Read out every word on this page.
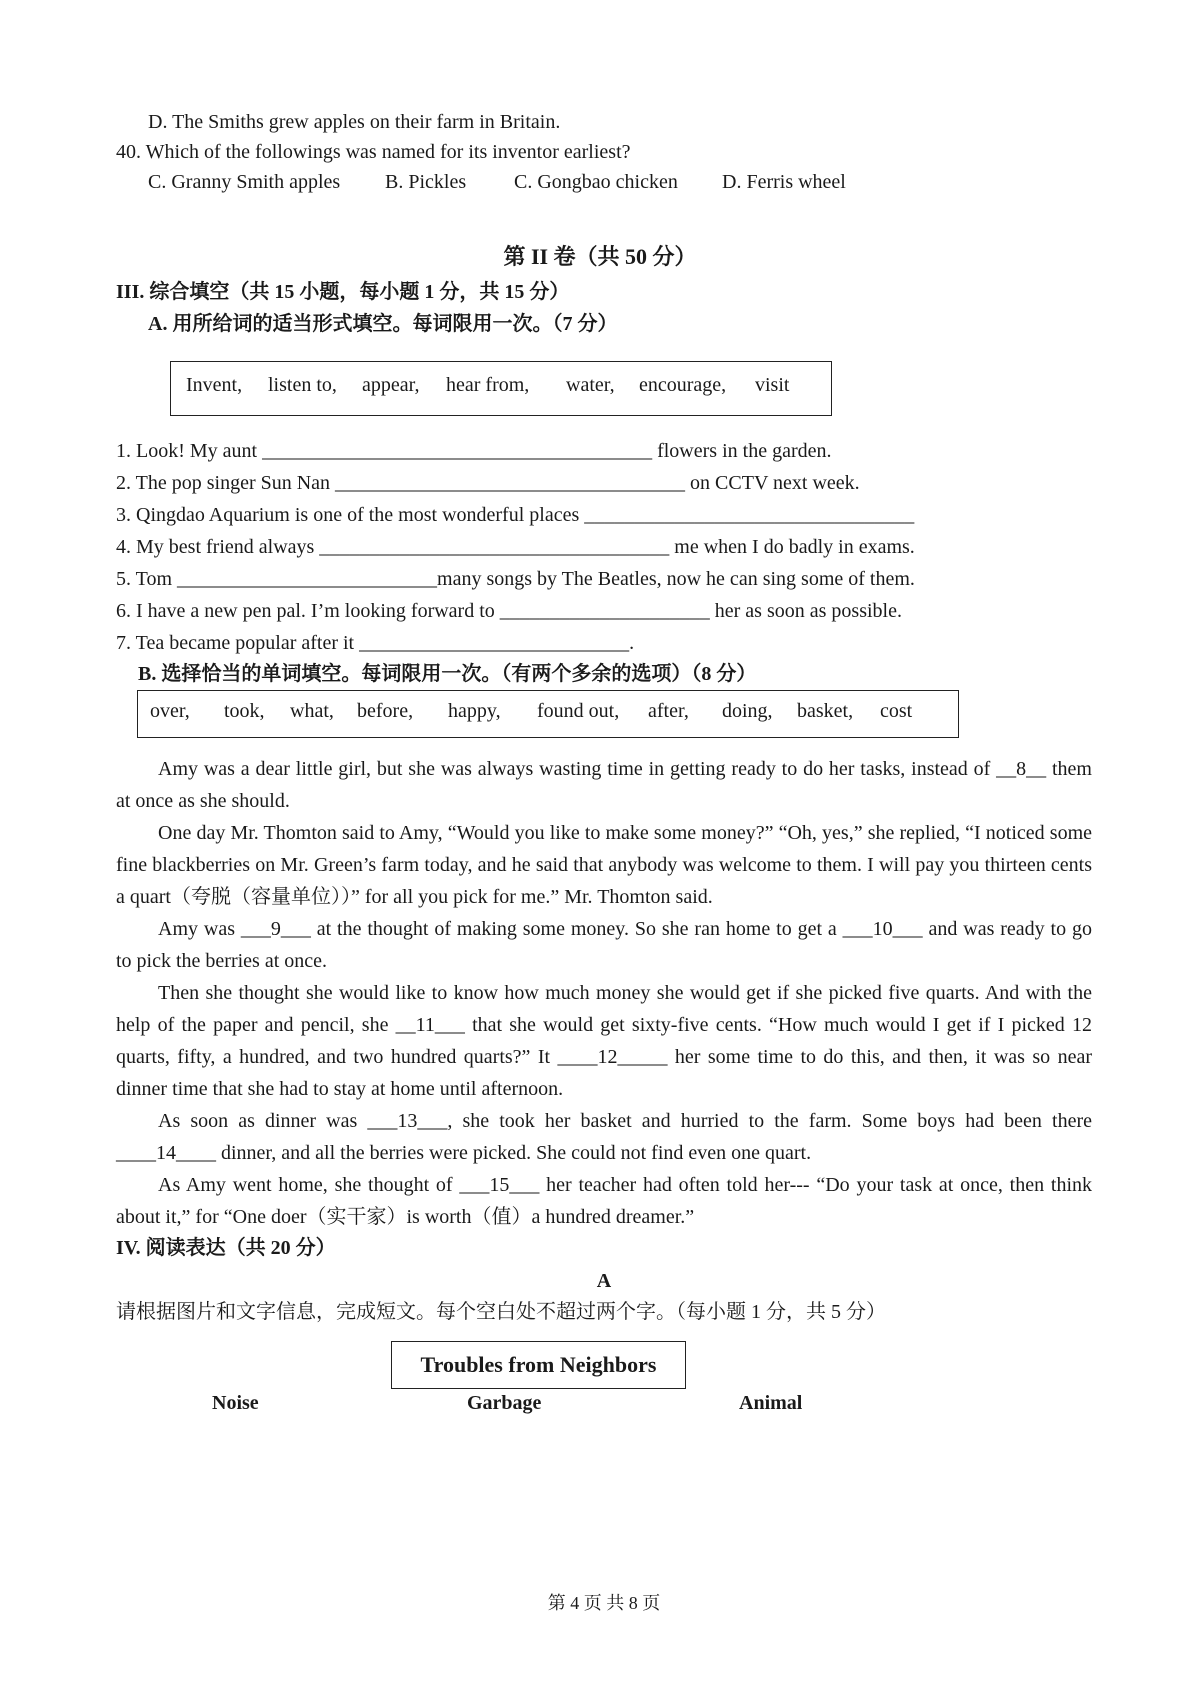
D. The Smiths grew apples on their farm in Britain.
40. Which of the followings was named for its inventor earliest?
C. Granny Smith apples B. Pickles C. Gongbao chicken D. Ferris wheel
第 II 卷（共 50 分）
III. 综合填空（共 15 小题，每小题 1 分，共 15 分）
A. 用所给词的适当形式填空。每词限用一次。（7 分）
Invent, listen to, appear, hear from, water, encourage, visit
1. Look! My aunt _______________________________________ flowers in the garden.
2. The pop singer Sun Nan ___________________________________ on CCTV next week.
3. Qingdao Aquarium is one of the most wonderful places _________________________________
4. My best friend always ___________________________________ me when I do badly in exams.
5. Tom __________________________many songs by The Beatles, now he can sing some of them.
6. I have a new pen pal. I’m looking forward to _____________________ her as soon as possible.
7. Tea became popular after it ___________________________.
B. 选择恰当的单词填空。每词限用一次。（有两个多余的选项）（8 分）
over, took, what, before, happy, found out, after, doing, basket, cost
Amy was a dear little girl, but she was always wasting time in getting ready to do her tasks, instead of __8__ them at once as she should.
One day Mr. Thomton said to Amy, “Would you like to make some money?” “Oh, yes,” she replied, “I noticed some fine blackberries on Mr. Green’s farm today, and he said that anybody was welcome to them. I will pay you thirteen cents a quart（夸脱（容量单位））” for all you pick for me.” Mr. Thomton said.
Amy was ___9___ at the thought of making some money. So she ran home to get a ___10___ and was ready to go to pick the berries at once.
Then she thought she would like to know how much money she would get if she picked five quarts. And with the help of the paper and pencil, she __11___ that she would get sixty-five cents. “How much would I get if I picked 12 quarts, fifty, a hundred, and two hundred quarts?” It ____12_____ her some time to do this, and then, it was so near dinner time that she had to stay at home until afternoon.
As soon as dinner was ___13___, she took her basket and hurried to the farm. Some boys had been there ____14____ dinner, and all the berries were picked. She could not find even one quart.
As Amy went home, she thought of ___15___ her teacher had often told her--- “Do your task at once, then think about it,” for “One doer（实干家）is worth（值）a hundred dreamer.”
IV. 阅读表达（共 20 分）
A
请根据图片和文字信息，完成短文。每个空白处不超过两个字。（每小题 1 分，共 5 分）
Troubles from Neighbors
Noise	Garbage	Animal
第 4 页 共 8 页
